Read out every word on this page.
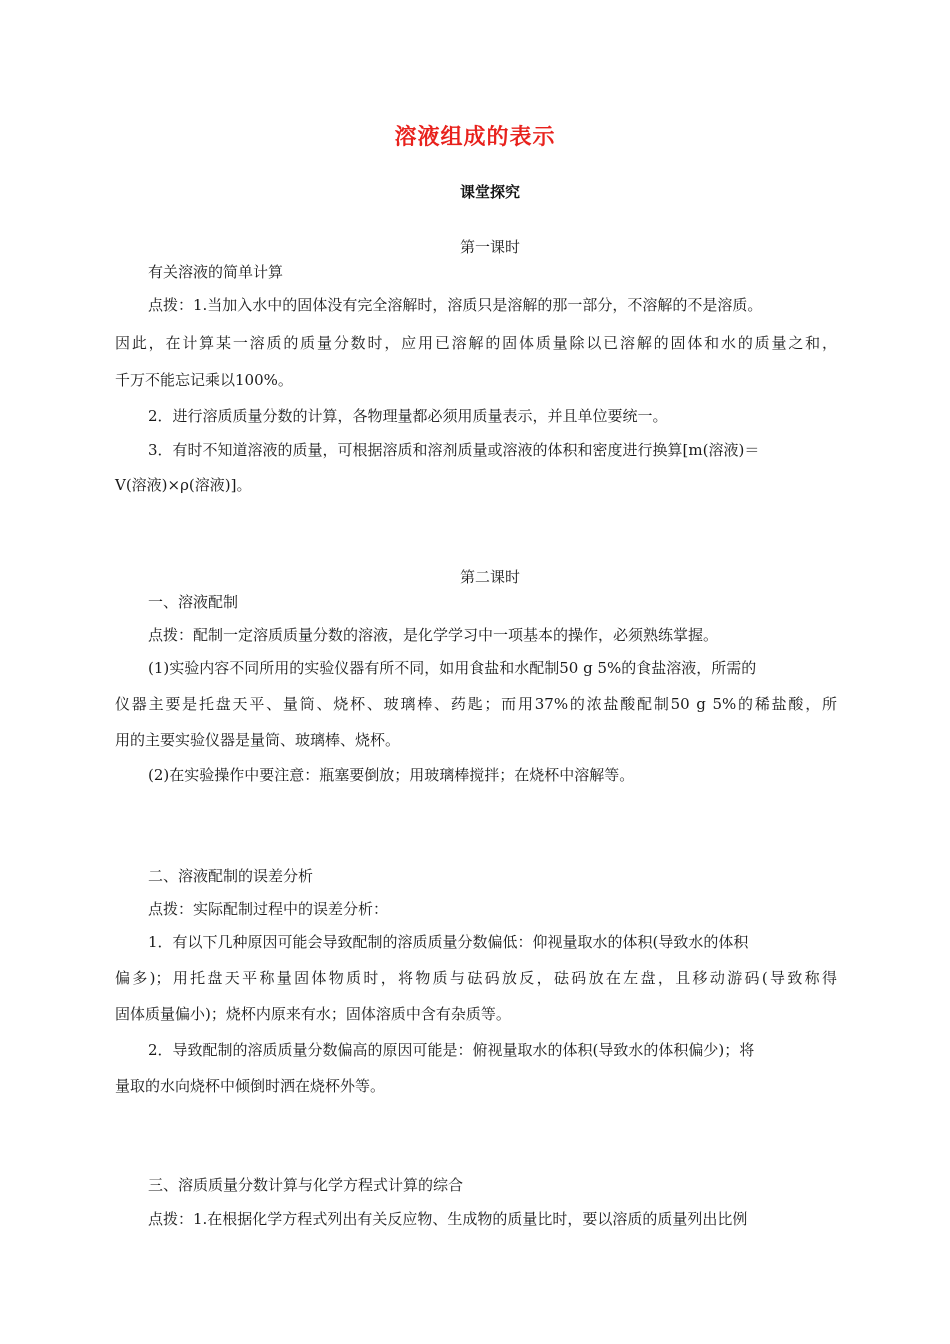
溶液组成的表示
课堂探究
第一课时
有关溶液的简单计算
点拨：1.当加入水中的固体没有完全溶解时，溶质只是溶解的那一部分，不溶解的不是溶质。
因此，在计算某一溶质的质量分数时，应用已溶解的固体质量除以已溶解的固体和水的质量之和，
千万不能忘记乘以100%。
2．进行溶质质量分数的计算，各物理量都必须用质量表示，并且单位要统一。
3．有时不知道溶液的质量，可根据溶质和溶剂质量或溶液的体积和密度进行换算[m(溶液)＝
V(溶液)×ρ(溶液)]。
第二课时
一、溶液配制
点拨：配制一定溶质质量分数的溶液，是化学学习中一项基本的操作，必须熟练掌握。
(1)实验内容不同所用的实验仪器有所不同，如用食盐和水配制50 g 5%的食盐溶液，所需的
仪器主要是托盘天平、量筒、烧杯、玻璃棒、药匙；而用37%的浓盐酸配制50 g 5%的稀盐酸，所
用的主要实验仪器是量筒、玻璃棒、烧杯。
(2)在实验操作中要注意：瓶塞要倒放；用玻璃棒搅拌；在烧杯中溶解等。
二、溶液配制的误差分析
点拨：实际配制过程中的误差分析：
1．有以下几种原因可能会导致配制的溶质质量分数偏低：仰视量取水的体积(导致水的体积
偏多)；用托盘天平称量固体物质时，将物质与砝码放反，砝码放在左盘，且移动游码(导致称得
固体质量偏小)；烧杯内原来有水；固体溶质中含有杂质等。
2．导致配制的溶质质量分数偏高的原因可能是：俯视量取水的体积(导致水的体积偏少)；将
量取的水向烧杯中倾倒时洒在烧杯外等。
三、溶质质量分数计算与化学方程式计算的综合
点拨：1.在根据化学方程式列出有关反应物、生成物的质量比时，要以溶质的质量列出比例
